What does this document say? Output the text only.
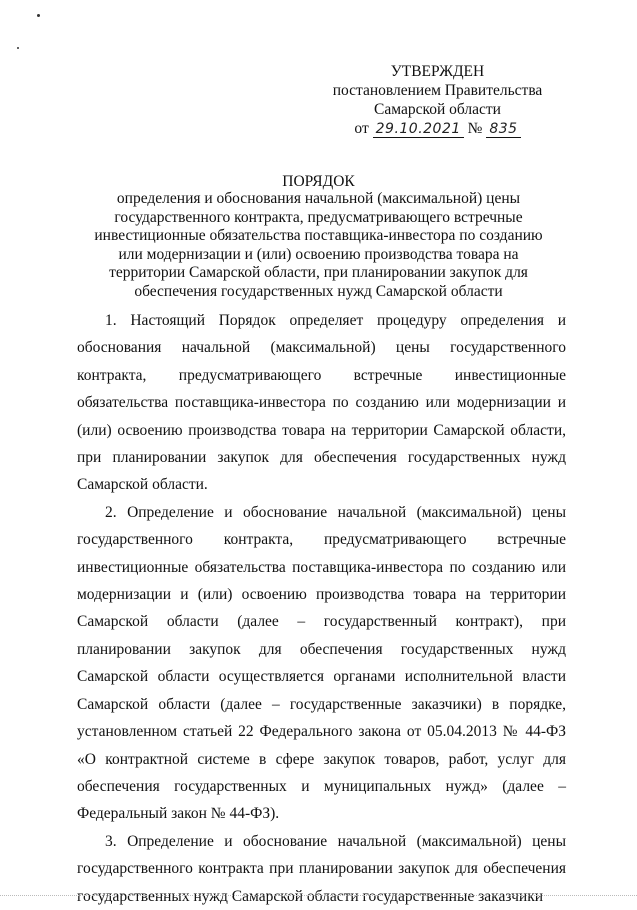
УТВЕРЖДЕН
постановлением Правительства
Самарской области
от 29.10.2021 № 835
ПОРЯДОК
определения и обоснования начальной (максимальной) цены государственного контракта, предусматривающего встречные инвестиционные обязательства поставщика-инвестора по созданию или модернизации и (или) освоению производства товара на территории Самарской области, при планировании закупок для обеспечения государственных нужд Самарской области

1. Настоящий Порядок определяет процедуру определения и обоснования начальной (максимальной) цены государственного контракта, предусматривающего встречные инвестиционные обязательства поставщика-инвестора по созданию или модернизации и (или) освоению производства товара на территории Самарской области, при планировании закупок для обеспечения государственных нужд Самарской области.

2. Определение и обоснование начальной (максимальной) цены государственного контракта, предусматривающего встречные инвестиционные обязательства поставщика-инвестора по созданию или модернизации и (или) освоению производства товара на территории Самарской области (далее – государственный контракт), при планировании закупок для обеспечения государственных нужд Самарской области осуществляется органами исполнительной власти Самарской области (далее – государственные заказчики) в порядке, установленном статьей 22 Федерального закона от 05.04.2013 № 44-ФЗ «О контрактной системе в сфере закупок товаров, работ, услуг для обеспечения государственных и муниципальных нужд» (далее – Федеральный закон № 44-ФЗ).

3. Определение и обоснование начальной (максимальной) цены государственного контракта при планировании закупок для обеспечения государственных нужд Самарской области государственные заказчики
